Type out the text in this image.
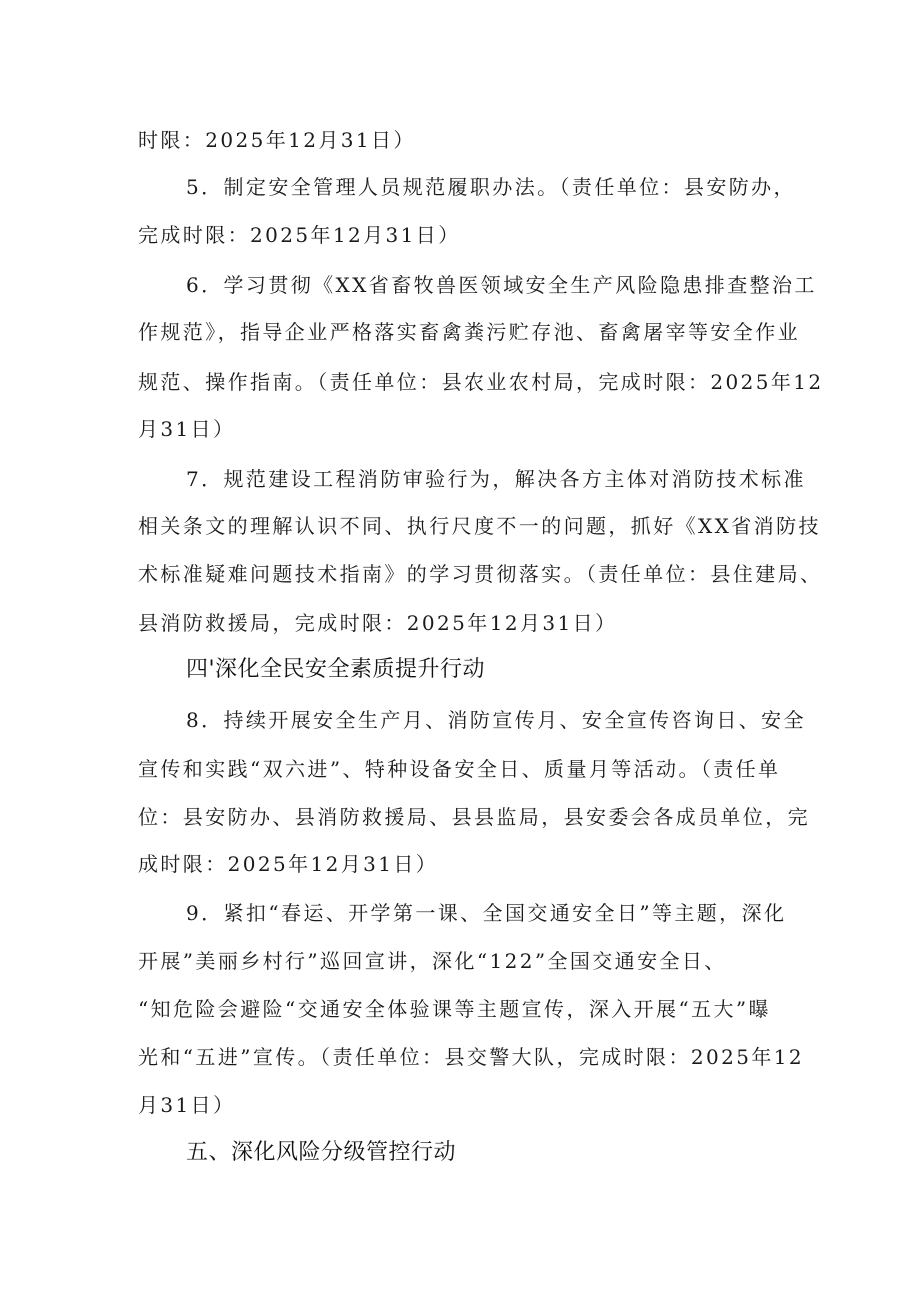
时限：2025年12月31日）
5．制定安全管理人员规范履职办法。（责任单位：县安防办，
完成时限：2025年12月31日）
6．学习贯彻《XX省畜牧兽医领域安全生产风险隐患排查整治工
作规范》，指导企业严格落实畜禽粪污贮存池、畜禽屠宰等安全作业
规范、操作指南。（责任单位：县农业农村局，完成时限：2025年12
月31日）
7．规范建设工程消防审验行为，解决各方主体对消防技术标准
相关条文的理解认识不同、执行尺度不一的问题，抓好《XX省消防技
术标准疑难问题技术指南》的学习贯彻落实。（责任单位：县住建局、
县消防救援局，完成时限：2025年12月31日）
四'深化全民安全素质提升行动
8．持续开展安全生产月、消防宣传月、安全宣传咨询日、安全
宣传和实践“双六进”、特种设备安全日、质量月等活动。（责任单
位：县安防办、县消防救援局、县县监局，县安委会各成员单位，完
成时限：2025年12月31日）
9．紧扣“春运、开学第一课、全国交通安全日”等主题，深化
开展”美丽乡村行”巡回宣讲，深化“122”全国交通安全日、
“知危险会避险“交通安全体验课等主题宣传，深入开展“五大”曝
光和“五进”宣传。（责任单位：县交警大队，完成时限：2025年12
月31日）
五、深化风险分级管控行动
